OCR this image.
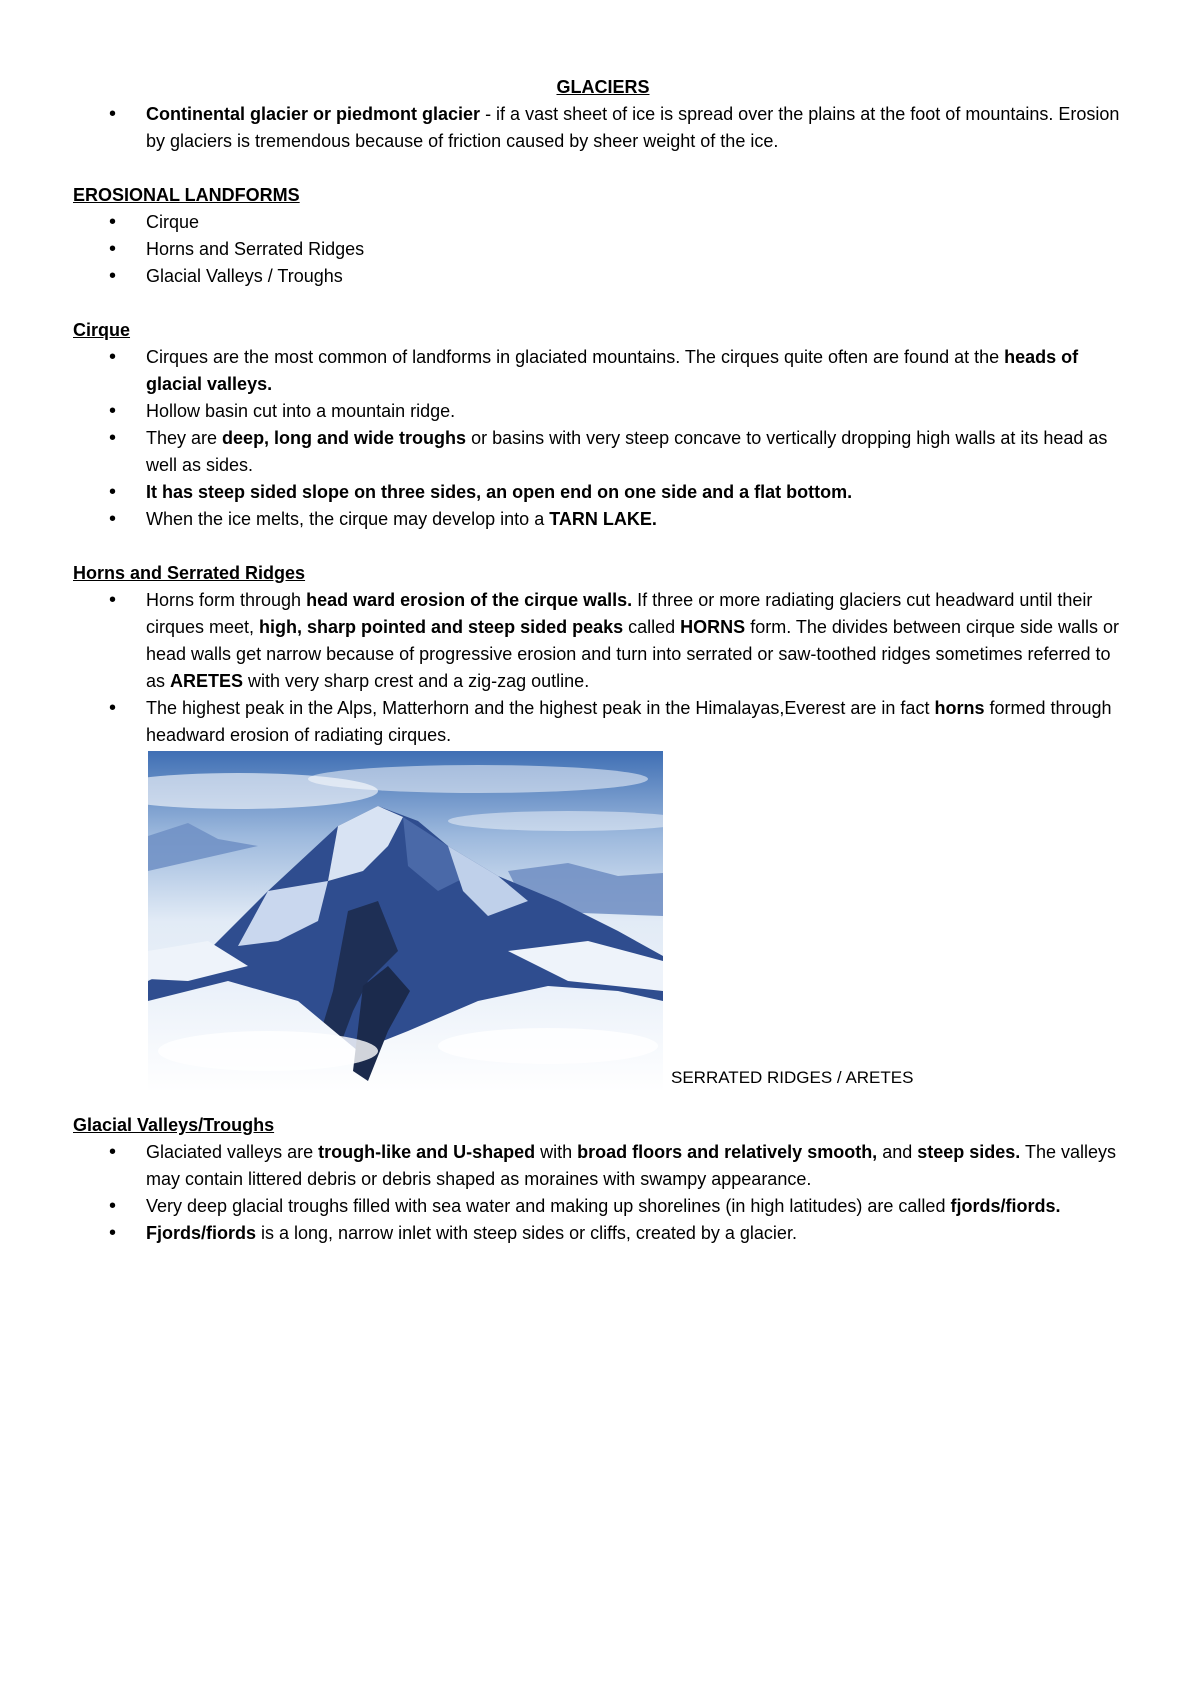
GLACIERS

• Continental glacier or piedmont glacier - if a vast sheet of ice is spread over the plains at the foot of mountains. Erosion by glaciers is tremendous because of friction caused by sheer weight of the ice.

EROSIONAL LANDFORMS

• Cirque
• Horns and Serrated Ridges
• Glacial Valleys / Troughs

Cirque

• Cirques are the most common of landforms in glaciated mountains. The cirques quite often are found at the heads of glacial valleys.
• Hollow basin cut into a mountain ridge.
• They are deep, long and wide troughs or basins with very steep concave to vertically dropping high walls at its head as well as sides.
• It has steep sided slope on three sides, an open end on one side and a flat bottom.
• When the ice melts, the cirque may develop into a TARN LAKE.

Horns and Serrated Ridges

• Horns form through head ward erosion of the cirque walls. If three or more radiating glaciers cut headward until their cirques meet, high, sharp pointed and steep sided peaks called HORNS form. The divides between cirque side walls or head walls get narrow because of progressive erosion and turn into serrated or saw-toothed ridges sometimes referred to as ARETES with very sharp crest and a zig-zag outline.
• The highest peak in the Alps, Matterhorn and the highest peak in the Himalayas,Everest are in fact horns formed through headward erosion of radiating cirques.
SERRATED RIDGES / ARETES

Glacial Valleys/Troughs

• Glaciated valleys are trough-like and U-shaped with broad floors and relatively smooth, and steep sides. The valleys may contain littered debris or debris shaped as moraines with swampy appearance.
• Very deep glacial troughs filled with sea water and making up shorelines (in high latitudes) are called fjords/fiords.
• Fjords/fiords is a long, narrow inlet with steep sides or cliffs, created by a glacier.
